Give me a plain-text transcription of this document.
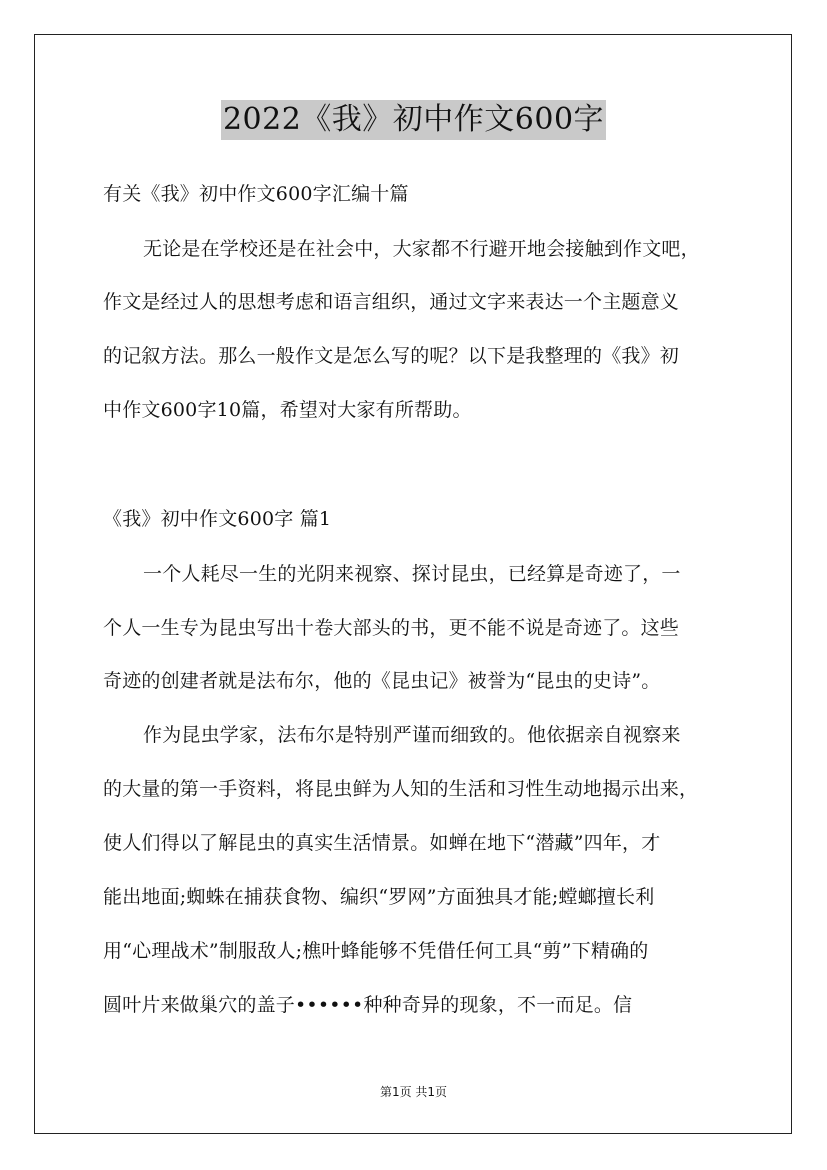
2022《我》初中作文600字
有关《我》初中作文600字汇编十篇
无论是在学校还是在社会中，大家都不行避开地会接触到作文吧，
作文是经过人的思想考虑和语言组织，通过文字来表达一个主题意义
的记叙方法。那么一般作文是怎么写的呢？以下是我整理的《我》初
中作文600字10篇，希望对大家有所帮助。
《我》初中作文600字 篇1
一个人耗尽一生的光阴来视察、探讨昆虫，已经算是奇迹了，一
个人一生专为昆虫写出十卷大部头的书，更不能不说是奇迹了。这些
奇迹的创建者就是法布尔，他的《昆虫记》被誉为“昆虫的史诗”。
作为昆虫学家，法布尔是特别严谨而细致的。他依据亲自视察来
的大量的第一手资料，将昆虫鲜为人知的生活和习性生动地揭示出来，
使人们得以了解昆虫的真实生活情景。如蝉在地下“潜藏”四年，才
能出地面;蜘蛛在捕获食物、编织“罗网”方面独具才能;螳螂擅长利
用“心理战术”制服敌人;樵叶蜂能够不凭借任何工具“剪”下精确的
圆叶片来做巢穴的盖子••••••种种奇异的现象，不一而足。信
第1页 共1页
